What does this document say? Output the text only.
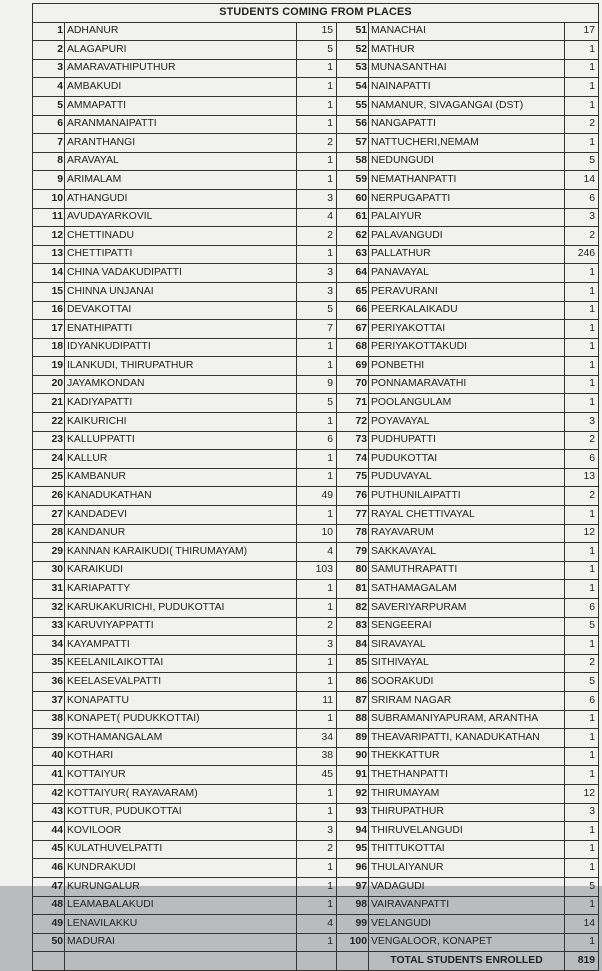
STUDENTS COMING FROM PLACES					
1	ADHANUR	15	51	MANACHAI	17
2	ALAGAPURI	5	52	MATHUR	1
3	AMARAVATHIPUTHUR	1	53	MUNASANTHAI	1
4	AMBAKUDI	1	54	NAINAPATTI	1
5	AMMAPATTI	1	55	NAMANUR, SIVAGANGAI (DST)	1
6	ARANMANAIPATTI	1	56	NANGAPATTI	2
7	ARANTHANGI	2	57	NATTUCHERI,NEMAM	1
8	ARAVAYAL	1	58	NEDUNGUDI	5
9	ARIMALAM	1	59	NEMATHANPATTI	14
10	ATHANGUDI	3	60	NERPUGAPATTI	6
11	AVUDAYARKOVIL	4	61	PALAIYUR	3
12	CHETTINADU	2	62	PALAVANGUDI	2
13	CHETTIPATTI	1	63	PALLATHUR	246
14	CHINA VADAKUDIPATTI	3	64	PANAVAYAL	1
15	CHINNA UNJANAI	3	65	PERAVURANI	1
16	DEVAKOTTAI	5	66	PEERKALAIKADU	1
17	ENATHIPATTI	7	67	PERIYAKOTTAI	1
18	IDYANKUDIPATTI	1	68	PERIYAKOTTAKUDI	1
19	ILANKUDI, THIRUPATHUR	1	69	PONBETHI	1
20	JAYAMKONDAN	9	70	PONNAMARAVATHI	1
21	KADIYAPATTI	5	71	POOLANGULAM	1
22	KAIKURICHI	1	72	POYAVAYAL	3
23	KALLUPPATTI	6	73	PUDHUPATTI	2
24	KALLUR	1	74	PUDUKOTTAI	6
25	KAMBANUR	1	75	PUDUVAYAL	13
26	KANADUKATHAN	49	76	PUTHUNILAIPATTI	2
27	KANDADEVI	1	77	RAYAL CHETTIVAYAL	1
28	KANDANUR	10	78	RAYAVARUM	12
29	KANNAN KARAIKUDI( THIRUMAYAM)	4	79	SAKKAVAYAL	1
30	KARAIKUDI	103	80	SAMUTHRAPATTI	1
31	KARIAPATTY	1	81	SATHAMAGALAM	1
32	KARUKAKURICHI, PUDUKOTTAI	1	82	SAVERIYARPURAM	6
33	KARUVIYAPPATTI	2	83	SENGEERAI	5
34	KAYAMPATTI	3	84	SIRAVAYAL	1
35	KEELANILAIKOTTAI	1	85	SITHIVAYAL	2
36	KEELASEVALPATTI	1	86	SOORAKUDI	5
37	KONAPATTU	11	87	SRIRAM NAGAR	6
38	KONAPET( PUDUKKOTTAI)	1	88	SUBRAMANIYAPURAM, ARANTHA	1
39	KOTHAMANGALAM	34	89	THEAVARIPATTI, KANADUKATHAN	1
40	KOTHARI	38	90	THEKKATTUR	1
41	KOTTAIYUR	45	91	THETHANPATTI	1
42	KOTTAIYUR( RAYAVARAM)	1	92	THIRUMAYAM	12
43	KOTTUR, PUDUKOTTAI	1	93	THIRUPATHUR	3
44	KOVILOOR	3	94	THIRUVELANGUDI	1
45	KULATHUVELPATTI	2	95	THITTUKOTTAI	1
46	KUNDRAKUDI	1	96	THULAIYANUR	1
47	KURUNGALUR	1	97	VADAGUDI	5
48	LEAMABALAKUDI	1	98	VAIRAVANPATTI	1
49	LENAVILAKKU	4	99	VELANGUDI	14
50	MADURAI	1	100	VENGALOOR, KONAPET	1
				TOTAL STUDENTS ENROLLED	819
